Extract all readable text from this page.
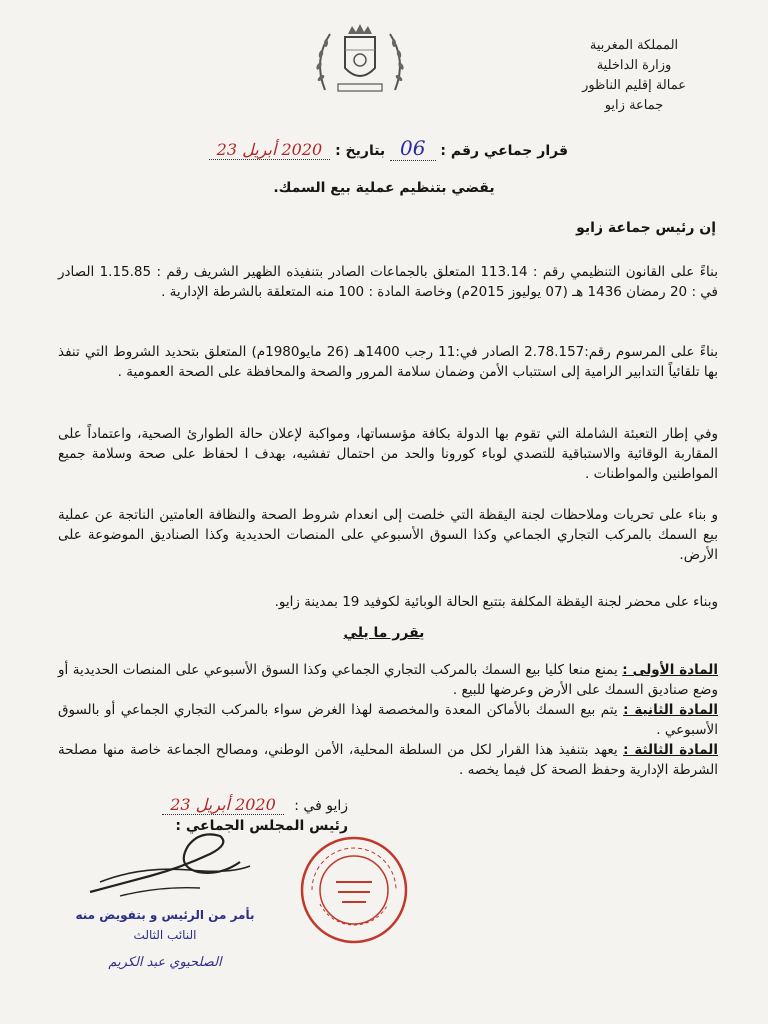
المملكة المغربية
وزارة الداخلية
عمالة إقليم الناظور
جماعة زايو
قرار جماعي رقم : 06 بتاريخ : 2020 أبريل 23
يقضي بتنظيم عملية بيع السمك.
إن رئيس جماعة زايو
بناءً على القانون التنظيمي رقم : 113.14 المتعلق بالجماعات الصادر بتنفيذه الظهير الشريف رقم : 1.15.85 الصادر في : 20 رمضان 1436 هـ (07 يوليوز 2015م) وخاصة المادة : 100 منه المتعلقة بالشرطة الإدارية .
بناءً على المرسوم رقم:2.78.157 الصادر في:11 رجب 1400هـ (26 مايو1980م) المتعلق بتحديد الشروط التي تنفذ بها تلقائياً التدابير الرامية إلى استتباب الأمن وضمان سلامة المرور والصحة والمحافظة على الصحة العمومية .
وفي إطار التعبئة الشاملة التي تقوم بها الدولة بكافة مؤسساتها، ومواكبة لإعلان حالة الطوارئ الصحية، واعتماداً على المقاربة الوقائية والاستباقية للتصدي لوباء كورونا والحد من احتمال تفشيه، بهدف ا لحفاظ على صحة وسلامة جميع المواطنين والمواطنات .
و بناء على تحريات وملاحظات لجنة اليقظة التي خلصت إلى انعدام شروط الصحة والنظافة العامتين الناتجة عن عملية بيع السمك بالمركب التجاري الجماعي وكذا السوق الأسبوعي على المنصات الحديدية وكذا الصناديق الموضوعة على الأرض.
وبناء على محضر لجنة اليقظة المكلفة بتتبع الحالة الوبائية لكوفيد 19 بمدينة زايو.
يقرر ما يلي
المادة الأولى : يمنع منعا كليا بيع السمك بالمركب التجاري الجماعي وكذا السوق الأسبوعي على المنصات الحديدية أو وضع صناديق السمك على الأرض وعرضها للبيع .
المادة الثانية : يتم بيع السمك بالأماكن المعدة والمخصصة لهذا الغرض سواء بالمركب التجاري الجماعي أو بالسوق الأسبوعي .
المادة الثالثة : يعهد بتنفيذ هذا القرار لكل من السلطة المحلية، الأمن الوطني، ومصالح الجماعة خاصة منها مصلحة الشرطة الإدارية وحفظ الصحة كل فيما يخصه .
زايو في : 2020 أبريل 23
رئيس المجلس الجماعي :
بأمر من الرئيس و بتفويض منه
النائب الثالث
الصلحيوي عبد الكريم
